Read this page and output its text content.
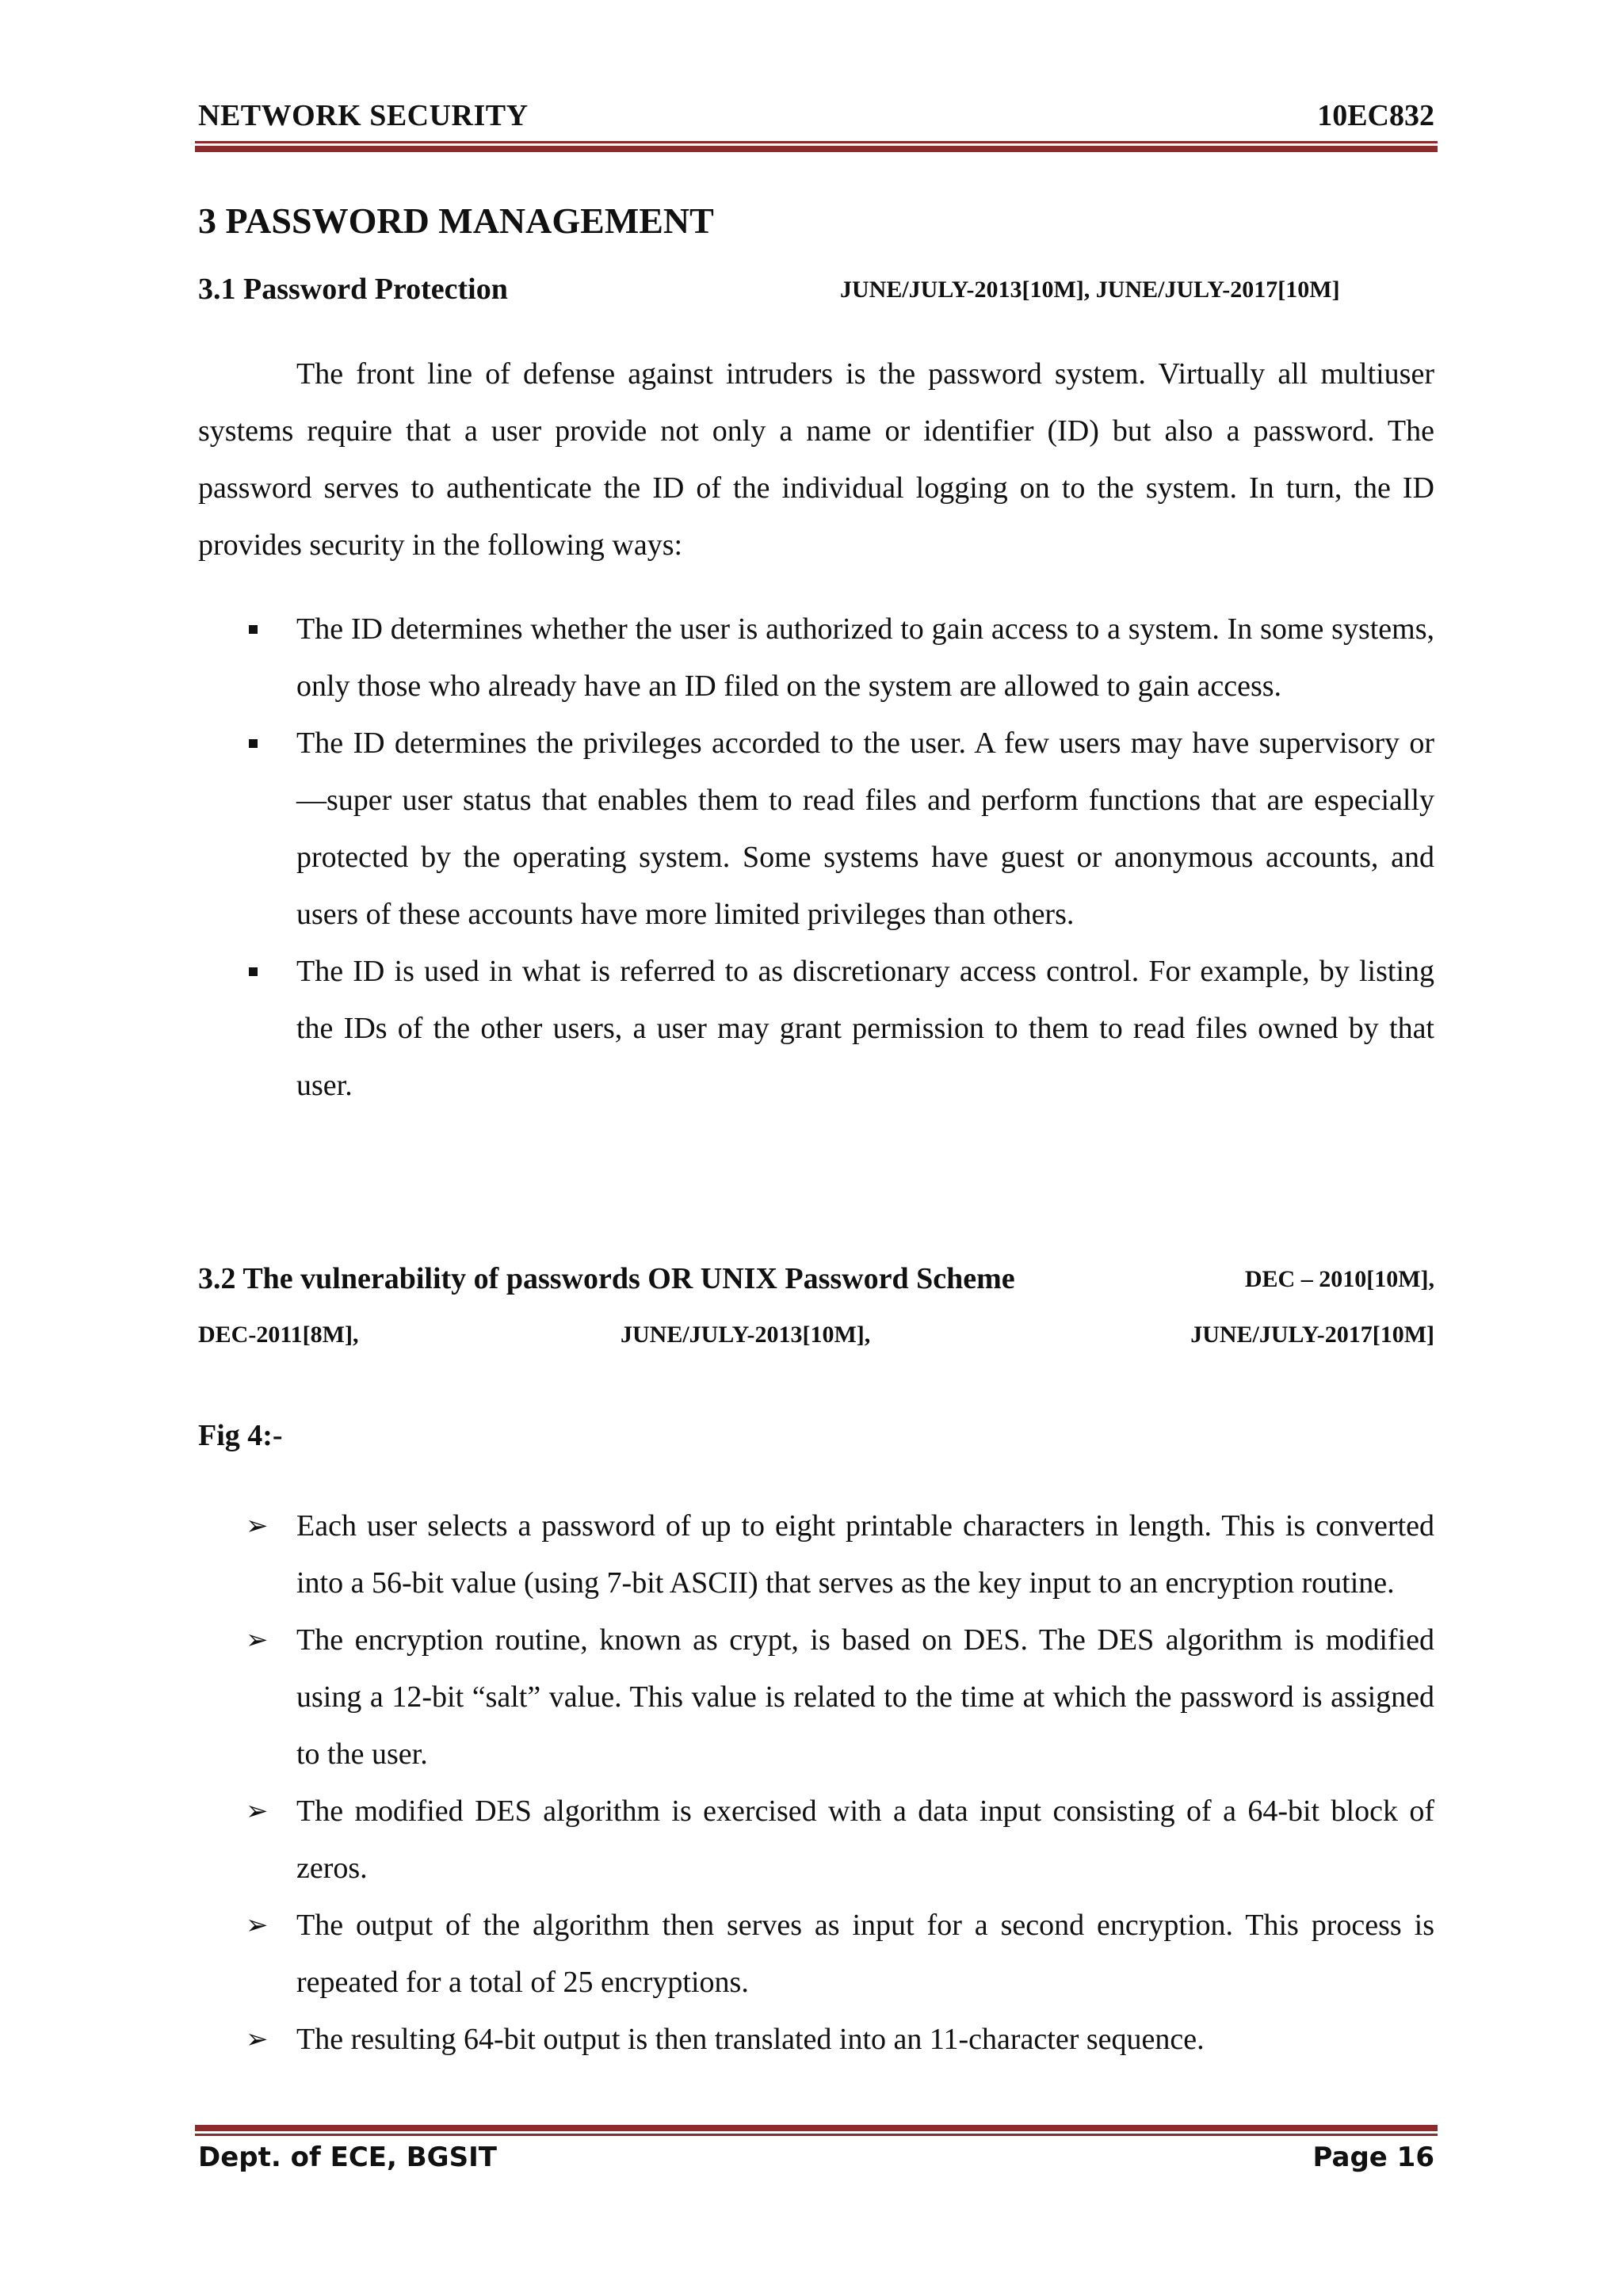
NETWORK SECURITY	10EC832
3 PASSWORD MANAGEMENT
3.1 Password Protection	JUNE/JULY-2013[10M], JUNE/JULY-2017[10M]
The front line of defense against intruders is the password system. Virtually all multiuser systems require that a user provide not only a name or identifier (ID) but also a password. The password serves to authenticate the ID of the individual logging on to the system. In turn, the ID provides security in the following ways:
The ID determines whether the user is authorized to gain access to a system. In some systems, only those who already have an ID filed on the system are allowed to gain access.
The ID determines the privileges accorded to the user. A few users may have supervisory or ―super user status that enables them to read files and perform functions that are especially protected by the operating system. Some systems have guest or anonymous accounts, and users of these accounts have more limited privileges than others.
The ID is used in what is referred to as discretionary access control. For example, by listing the IDs of the other users, a user may grant permission to them to read files owned by that user.
3.2 The vulnerability of passwords OR UNIX Password Scheme	DEC – 2010[10M],
DEC-2011[8M],	JUNE/JULY-2013[10M],	JUNE/JULY-2017[10M]
Fig 4:-
➢ Each user selects a password of up to eight printable characters in length. This is converted into a 56-bit value (using 7-bit ASCII) that serves as the key input to an encryption routine.
➢ The encryption routine, known as crypt, is based on DES. The DES algorithm is modified using a 12-bit “salt” value. This value is related to the time at which the password is assigned to the user.
➢ The modified DES algorithm is exercised with a data input consisting of a 64-bit block of zeros.
➢ The output of the algorithm then serves as input for a second encryption. This process is repeated for a total of 25 encryptions.
➢ The resulting 64-bit output is then translated into an 11-character sequence.
Dept. of ECE, BGSIT	Page 16
